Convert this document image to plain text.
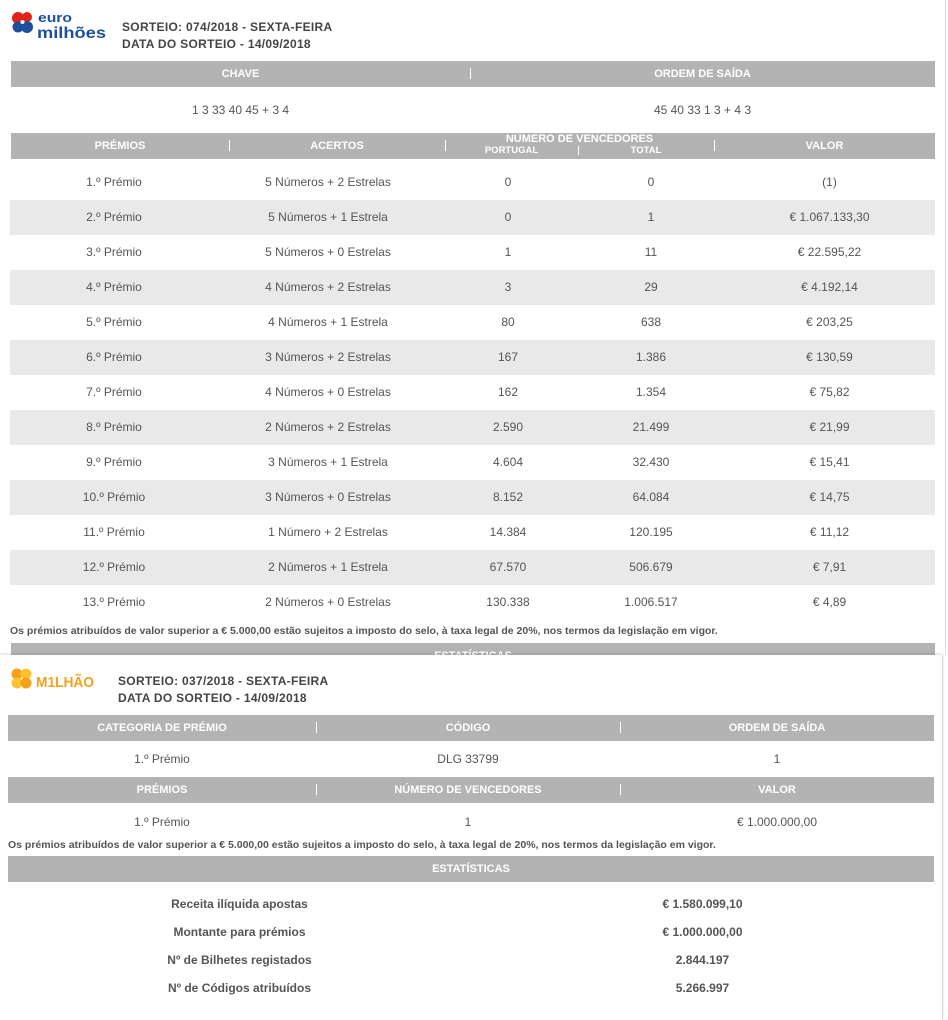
euro
milhões SORTEIO: 074/2018 - SEXTA-FEIRA
DATA DO SORTEIO - 14/09/2018
CHAVE	ORDEM DE SAÍDA
1 3 33 40 45 + 3 4	45 40 33 1 3 + 4 3
PRÉMIOS	ACERTOS
NÚMERO DE VENCEDORES
PORTUGAL	TOTAL	VALOR
1.º Prémio	5 Números + 2 Estrelas	0	0	(1)
2.º Prémio	5 Números + 1 Estrela	0	1	€ 1.067.133,30
3.º Prémio	5 Números + 0 Estrelas	1	11	€ 22.595,22
4.º Prémio	4 Números + 2 Estrelas	3	29	€ 4.192,14
5.º Prémio	4 Números + 1 Estrela	80	638	€ 203,25
6.º Prémio	3 Números + 2 Estrelas	167	1.386	€ 130,59
7.º Prémio	4 Números + 0 Estrelas	162	1.354	€ 75,82
8.º Prémio	2 Números + 2 Estrelas	2.590	21.499	€ 21,99
9.º Prémio	3 Números + 1 Estrela	4.604	32.430	€ 15,41
10.º Prémio	3 Números + 0 Estrelas	8.152	64.084	€ 14,75
11.º Prémio	1 Número + 2 Estrelas	14.384	120.195	€ 11,12
12.º Prémio	2 Números + 1 Estrela	67.570	506.679	€ 7,91
13.º Prémio	2 Números + 0 Estrelas	130.338	1.006.517	€ 4,89
Os prémios atribuídos de valor superior a € 5.000,00 estão sujeitos a imposto do selo, à taxa legal de 20%, nos termos da legislação em vigor.
M1LHÃO SORTEIO: 037/2018 - SEXTA-FEIRA
DATA DO SORTEIO - 14/09/2018
CATEGORIA DE PRÉMIO	CÓDIGO	ORDEM DE SAÍDA
1.º Prémio	DLG 33799	1
PRÉMIOS	NÚMERO DE VENCEDORES	VALOR
1.º Prémio	1	€ 1.000.000,00
Os prémios atribuídos de valor superior a € 5.000,00 estão sujeitos a imposto do selo, à taxa legal de 20%, nos termos da legislação em vigor.
ESTATÍSTICAS
Receita ilíquida apostas	€ 1.580.099,10
Montante para prémios	€ 1.000.000,00
Nº de Bilhetes registados	2.844.197
Nº de Códigos atribuídos	5.266.997
